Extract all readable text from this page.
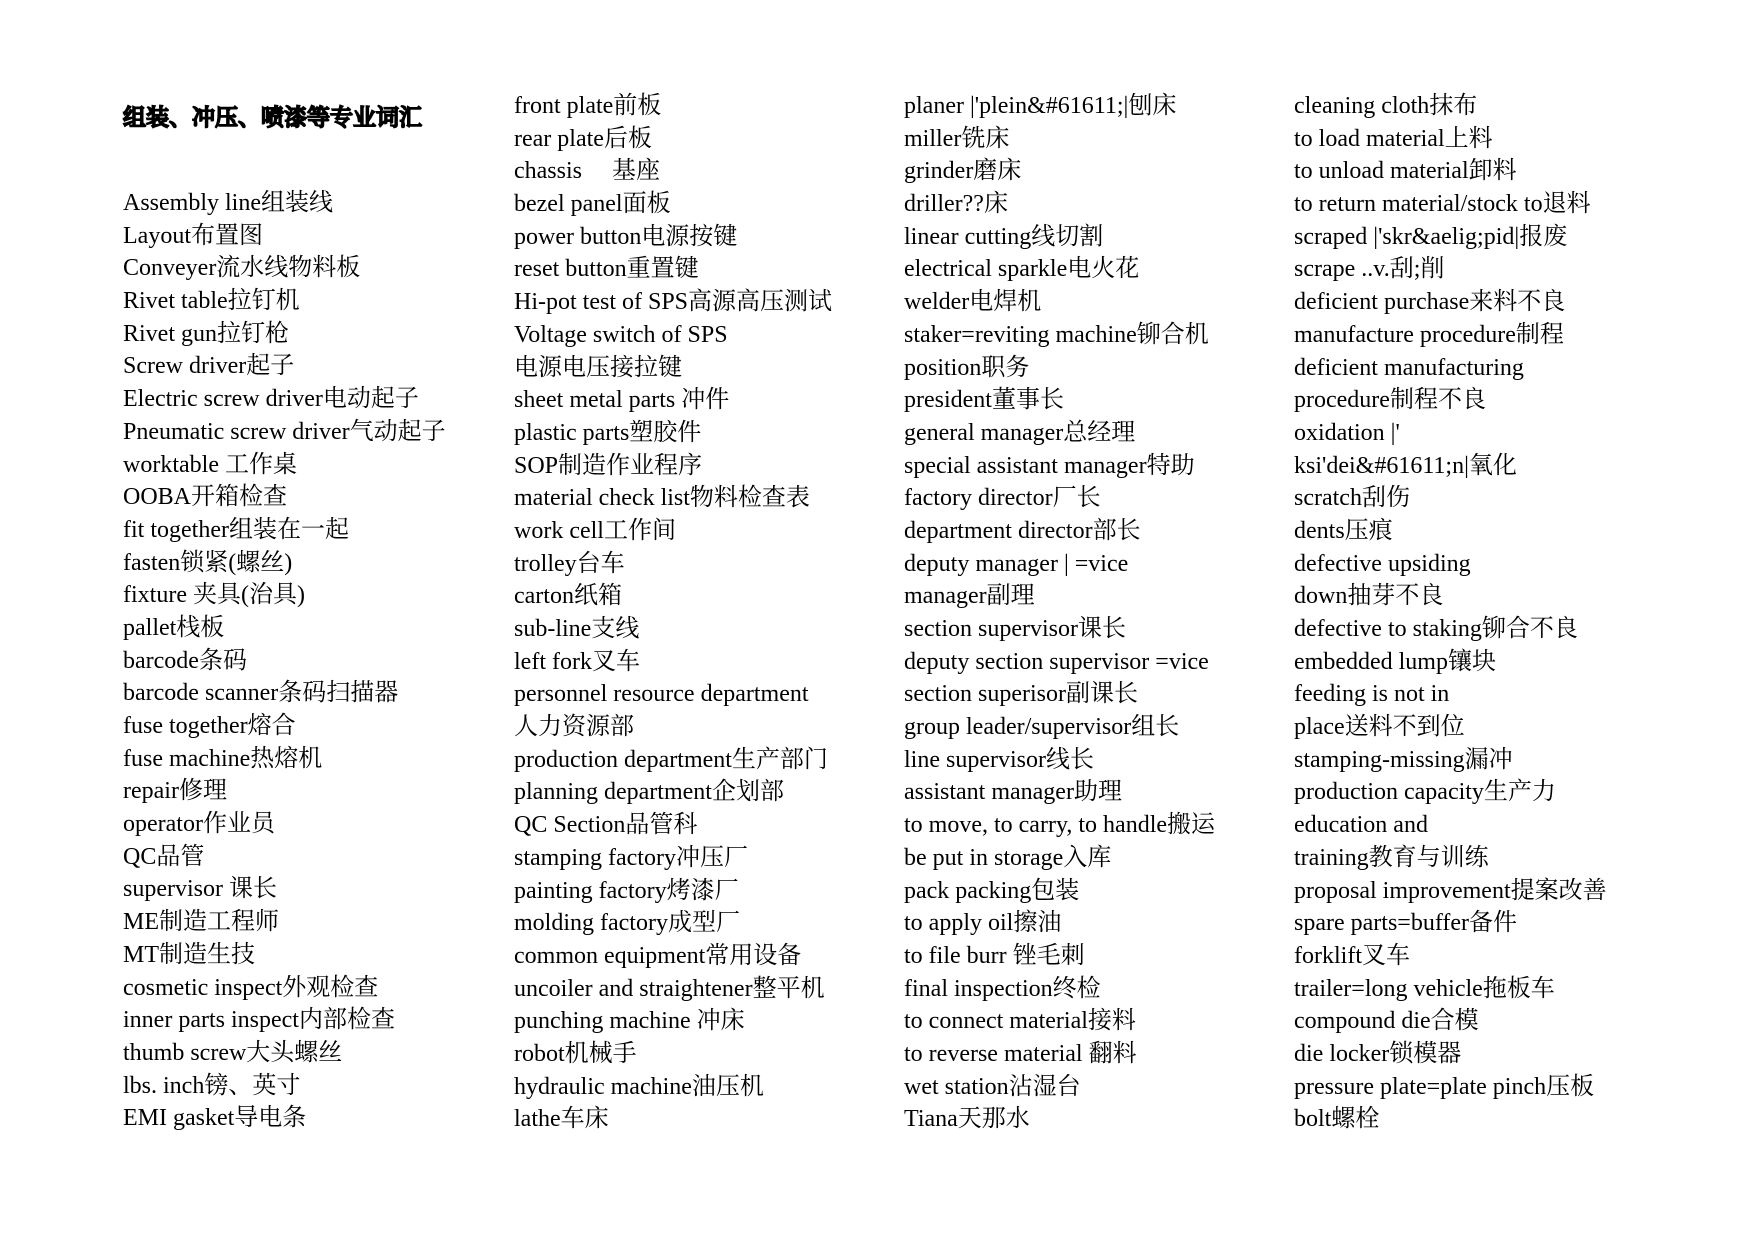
组装、冲压、喷漆等专业词汇
Assembly line组装线
Layout布置图
Conveyer流水线物料板
Rivet table拉钉机
Rivet gun拉钉枪
Screw driver起子
Electric screw driver电动起子
Pneumatic screw driver气动起子
worktable 工作桌
OOBA开箱检查
fit together组装在一起
fasten锁紧(螺丝)
fixture 夹具(治具)
pallet栈板
barcode条码
barcode scanner条码扫描器
fuse together熔合
fuse machine热熔机
repair修理
operator作业员
QC品管
supervisor 课长
ME制造工程师
MT制造生技
cosmetic inspect外观检查
inner parts inspect内部检查
thumb screw大头螺丝
lbs. inch镑、英寸
EMI gasket导电条
front plate前板
rear plate后板
chassis 　基座
bezel panel面板
power button电源按键
reset button重置键
Hi-pot test of SPS高源高压测试
Voltage switch of SPS
电源电压接拉键
sheet metal parts 冲件
plastic parts塑胶件
SOP制造作业程序
material check list物料检查表
work cell工作间
trolley台车
carton纸箱
sub-line支线
left fork叉车
personnel resource department
人力资源部
production department生产部门
planning department企划部
QC Section品管科
stamping factory冲压厂
painting factory烤漆厂
molding factory成型厂
common equipment常用设备
uncoiler and straightener整平机
punching machine 冲床
robot机械手
hydraulic machine油压机
lathe车床
planer |'plein&#61611;|刨床
miller铣床
grinder磨床
driller??床
linear cutting线切割
electrical sparkle电火花
welder电焊机
staker=reviting machine铆合机
position职务
president董事长
general manager总经理
special assistant manager特助
factory director厂长
department director部长
deputy manager | =vice
manager副理
section supervisor课长
deputy section supervisor =vice
section superisor副课长
group leader/supervisor组长
line supervisor线长
assistant manager助理
to move, to carry, to handle搬运
be put in storage入库
pack packing包装
to apply oil擦油
to file burr 锉毛刺
final inspection终检
to connect material接料
to reverse material 翻料
wet station沾湿台
Tiana天那水
cleaning cloth抹布
to load material上料
to unload material卸料
to return material/stock to退料
scraped |'skr&aelig;pid|报废
scrape ..v.刮;削
deficient purchase来料不良
manufacture procedure制程
deficient manufacturing
procedure制程不良
oxidation |'
ksi'dei&#61611;n|氧化
scratch刮伤
dents压痕
defective upsiding
down抽芽不良
defective to staking铆合不良
embedded lump镶块
feeding is not in
place送料不到位
stamping-missing漏冲
production capacity生产力
education and
training教育与训练
proposal improvement提案改善
spare parts=buffer备件
forklift叉车
trailer=long vehicle拖板车
compound die合模
die locker锁模器
pressure plate=plate pinch压板
bolt螺栓
